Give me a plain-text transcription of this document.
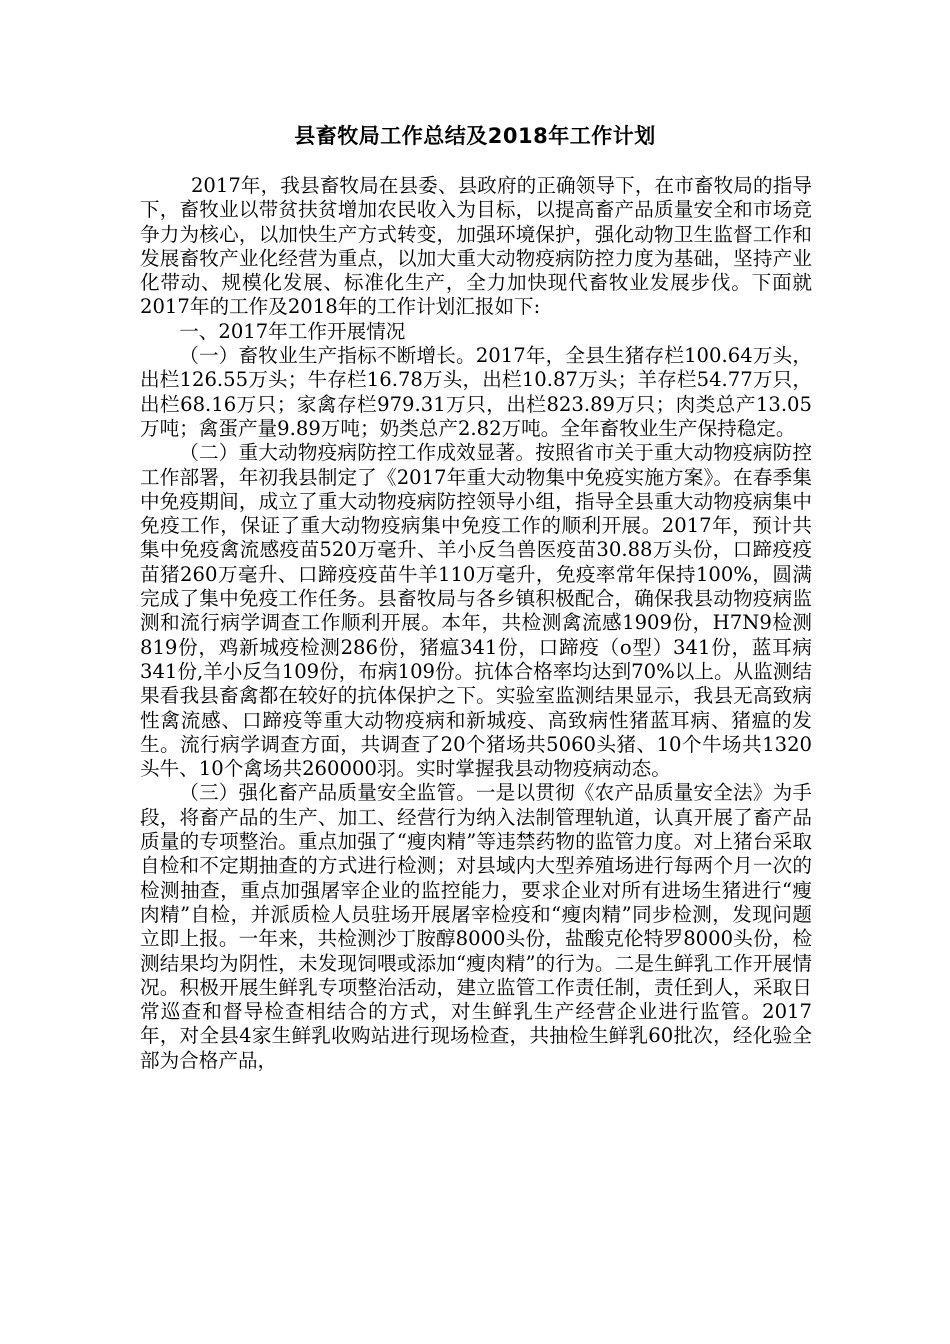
县畜牧局工作总结及2018年工作计划

2017年，我县畜牧局在县委、县政府的正确领导下，在市畜牧局的指导下，畜牧业以带贫扶贫增加农民收入为目标，以提高畜产品质量安全和市场竞争力为核心，以加快生产方式转变，加强环境保护，强化动物卫生监督工作和发展畜牧产业化经营为重点，以加大重大动物疫病防控力度为基础，坚持产业化带动、规模化发展、标准化生产，全力加快现代畜牧业发展步伐。下面就2017年的工作及2018年的工作计划汇报如下:

一、2017年工作开展情况

（一）畜牧业生产指标不断增长。2017年，全县生猪存栏100.64万头，出栏126.55万头；牛存栏16.78万头，出栏10.87万头；羊存栏54.77万只，出栏68.16万只；家禽存栏979.31万只，出栏823.89万只；肉类总产13.05万吨；禽蛋产量9.89万吨；奶类总产2.82万吨。全年畜牧业生产保持稳定。

（二）重大动物疫病防控工作成效显著。按照省市关于重大动物疫病防控工作部署，年初我县制定了《2017年重大动物集中免疫实施方案》。在春季集中免疫期间，成立了重大动物疫病防控领导小组，指导全县重大动物疫病集中免疫工作，保证了重大动物疫病集中免疫工作的顺利开展。2017年，预计共集中免疫禽流感疫苗520万毫升、羊小反刍兽医疫苗30.88万头份，口蹄疫疫苗猪260万毫升、口蹄疫疫苗牛羊110万毫升，免疫率常年保持100%，圆满完成了集中免疫工作任务。县畜牧局与各乡镇积极配合，确保我县动物疫病监测和流行病学调查工作顺利开展。本年，共检测禽流感1909份，H7N9检测819份，鸡新城疫检测286份，猪瘟341份，口蹄疫（o型）341份，蓝耳病341份,羊小反刍109份，布病109份。抗体合格率均达到70%以上。从监测结果看我县畜禽都在较好的抗体保护之下。实验室监测结果显示，我县无高致病性禽流感、口蹄疫等重大动物疫病和新城疫、高致病性猪蓝耳病、猪瘟的发生。流行病学调查方面，共调查了20个猪场共5060头猪、10个牛场共1320头牛、10个禽场共260000羽。实时掌握我县动物疫病动态。

（三）强化畜产品质量安全监管。一是以贯彻《农产品质量安全法》为手段，将畜产品的生产、加工、经营行为纳入法制管理轨道，认真开展了畜产品质量的专项整治。重点加强了“瘦肉精”等违禁药物的监管力度。对上猪台采取自检和不定期抽查的方式进行检测；对县域内大型养殖场进行每两个月一次的检测抽查，重点加强屠宰企业的监控能力，要求企业对所有进场生猪进行“瘦肉精”自检，并派质检人员驻场开展屠宰检疫和“瘦肉精”同步检测，发现问题立即上报。一年来，共检测沙丁胺醇8000头份，盐酸克伦特罗8000头份，检测结果均为阴性，未发现饲喂或添加“瘦肉精”的行为。二是生鲜乳工作开展情况。积极开展生鲜乳专项整治活动，建立监管工作责任制，责任到人，采取日常巡查和督导检查相结合的方式，对生鲜乳生产经营企业进行监管。2017年，对全县4家生鲜乳收购站进行现场检查，共抽检生鲜乳60批次，经化验全部为合格产品，
